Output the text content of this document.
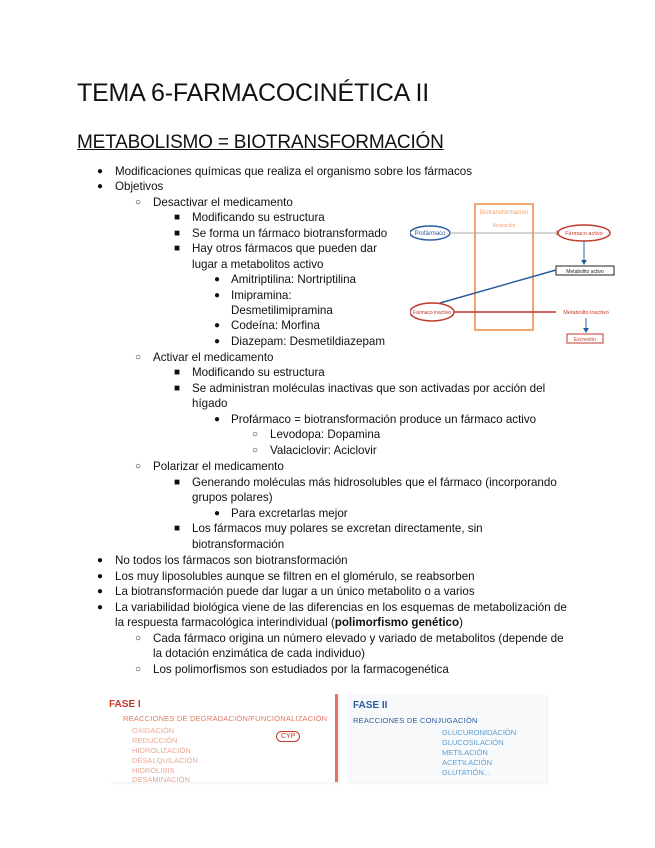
TEMA 6-FARMACOCINÉTICA II
METABOLISMO = BIOTRANSFORMACIÓN
● Modificaciones químicas que realiza el organismo sobre los fármacos
● Objetivos
○ Desactivar el medicamento
■ Modificando su estructura
■ Se forma un fármaco biotransformado
■ Hay otros fármacos que pueden dar
lugar a metabolitos activo
● Amitriptilina: Nortriptilina
● Imipramina:
Desmetilimipramina
● Codeína: Morfina
● Diazepam: Desmetildiazepam
○ Activar el medicamento
■ Modificando su estructura
■ Se administran moléculas inactivas que son activadas por acción del
hígado
● Profármaco = biotransformación produce un fármaco activo
○ Levodopa: Dopamina
○ Valaciclovir: Aciclovir
○ Polarizar el medicamento
■ Generando moléculas más hidrosolubles que el fármaco (incorporando
grupos polares)
● Para excretarlas mejor
■ Los fármacos muy polares se excretan directamente, sin
biotransformación
● No todos los fármacos son biotransformación
● Los muy liposolubles aunque se filtren en el glomérulo, se reabsorben
● La biotransformación puede dar lugar a un único metabolito o a varios
● La variabilidad biológica viene de las diferencias en los esquemas de metabolización de
la respuesta farmacológica interindividual (polimorfismo genético)
○ Cada fármaco origina un número elevado y variado de metabolitos (depende de
la dotación enzimática de cada individuo)
○ Los polimorfismos son estudiados por la farmacogenética
Biotransformación
Activación
Profármaco	Fármaco activo
Metabolito activo
Fármaco inactivo	Metabolito inactivo
Excreción
FASE I
REACCIONES DE DEGRADACIÓN/FUNCIONALIZACIÓN
OXIDACIÓN
REDUCCIÓN
HIDROLIZACIÓN
DESALQUILACIÓN
HIDRÓLISIS
DESAMINACIÓN
CYP
FASE II
REACCIONES DE CONJUGACIÓN
GLUCURONIDACIÓN
GLUCOSILACIÓN
METILACIÓN
ACETILACIÓN
GLUTATIÓN...
